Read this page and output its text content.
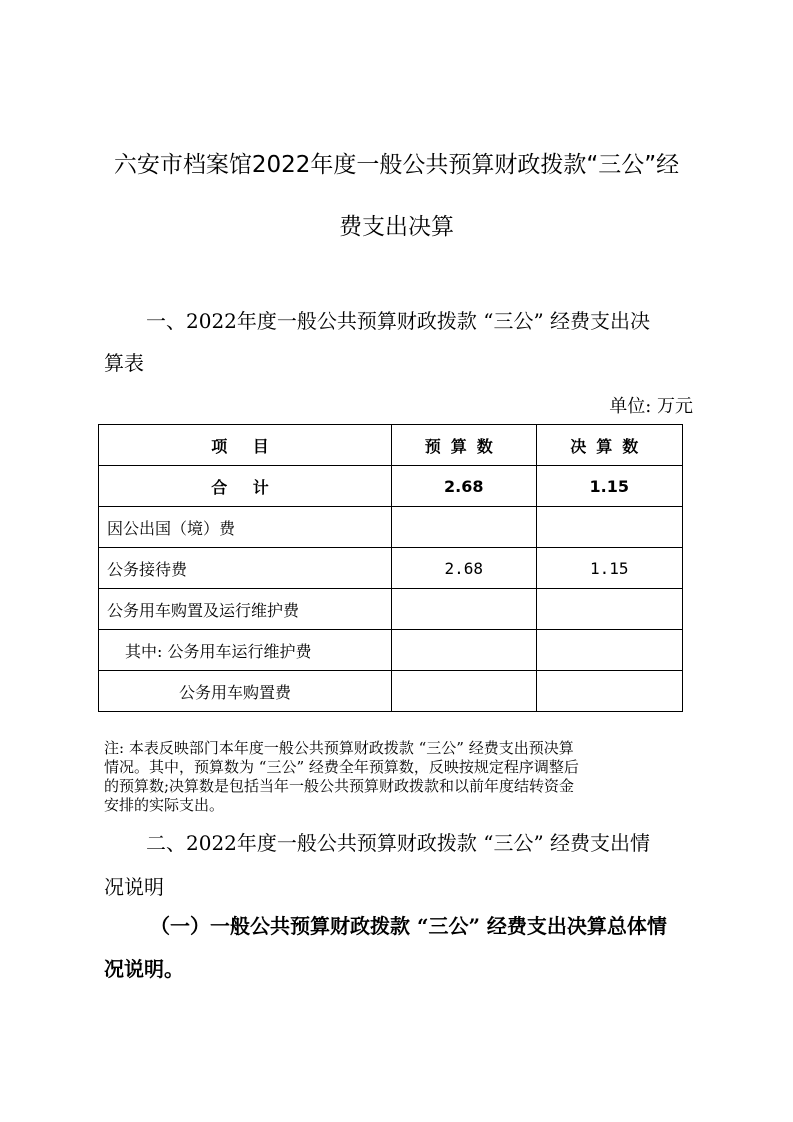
六安市档案馆2022年度一般公共预算财政拨款“三公”经
费支出决算
一、2022年度一般公共预算财政拨款 “三公” 经费支出决
算表
单位: 万元
项 目	预算数	决算数
合 计	2.68	1.15
因公出国（境）费		
公务接待费	2.68	1.15
公务用车购置及运行维护费		
其中: 公务用车运行维护费		
公务用车购置费		
注: 本表反映部门本年度一般公共预算财政拨款 “三公” 经费支出预决算
情况。其中，预算数为 “三公” 经费全年预算数，反映按规定程序调整后
的预算数;决算数是包括当年一般公共预算财政拨款和以前年度结转资金
安排的实际支出。
二、2022年度一般公共预算财政拨款 “三公” 经费支出情
况说明
（一）一般公共预算财政拨款 “三公” 经费支出决算总体情
况说明。
